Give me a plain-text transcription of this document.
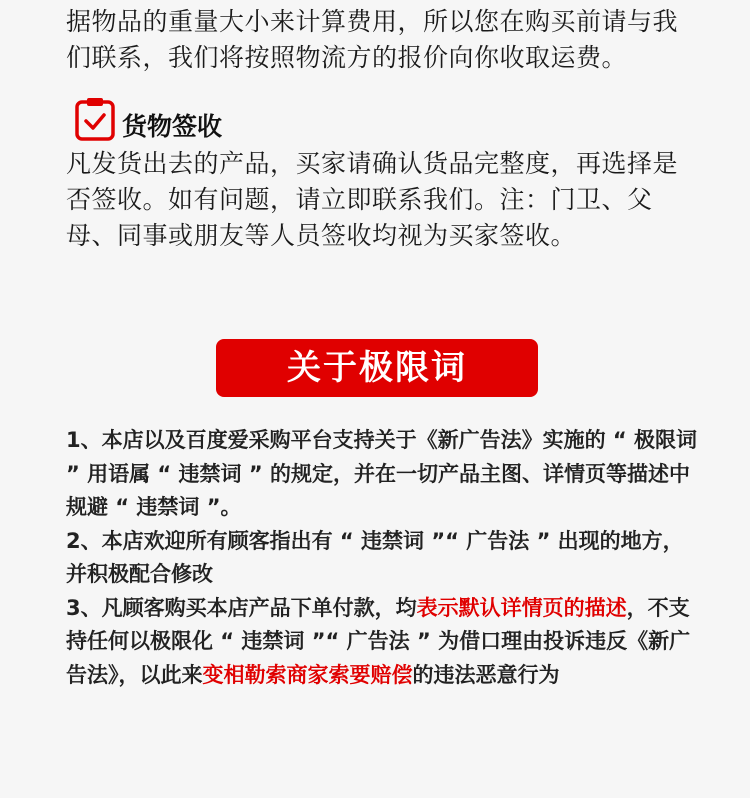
据物品的重量大小来计算费用，所以您在购买前请与我们联系，我们将按照物流方的报价向你收取运费。

货物签收

凡发货出去的产品，买家请确认货品完整度，再选择是否签收。如有问题，请立即联系我们。注：门卫、父母、同事或朋友等人员签收均视为买家签收。

关于极限词

1、本店以及百度爱采购平台支持关于《新广告法》实施的 “ 极限词 ” 用语属 “ 违禁词 ” 的规定，并在一切产品主图、详情页等描述中规避 “ 违禁词 ”。

2、本店欢迎所有顾客指出有 “ 违禁词 ”“ 广告法 ” 出现的地方，并积极配合修改

3、凡顾客购买本店产品下单付款，均表示默认详情页的描述，不支持任何以极限化 “ 违禁词 ”“ 广告法 ” 为借口理由投诉违反《新广告法》，以此来变相勒索商家索要赔偿的违法恶意行为
